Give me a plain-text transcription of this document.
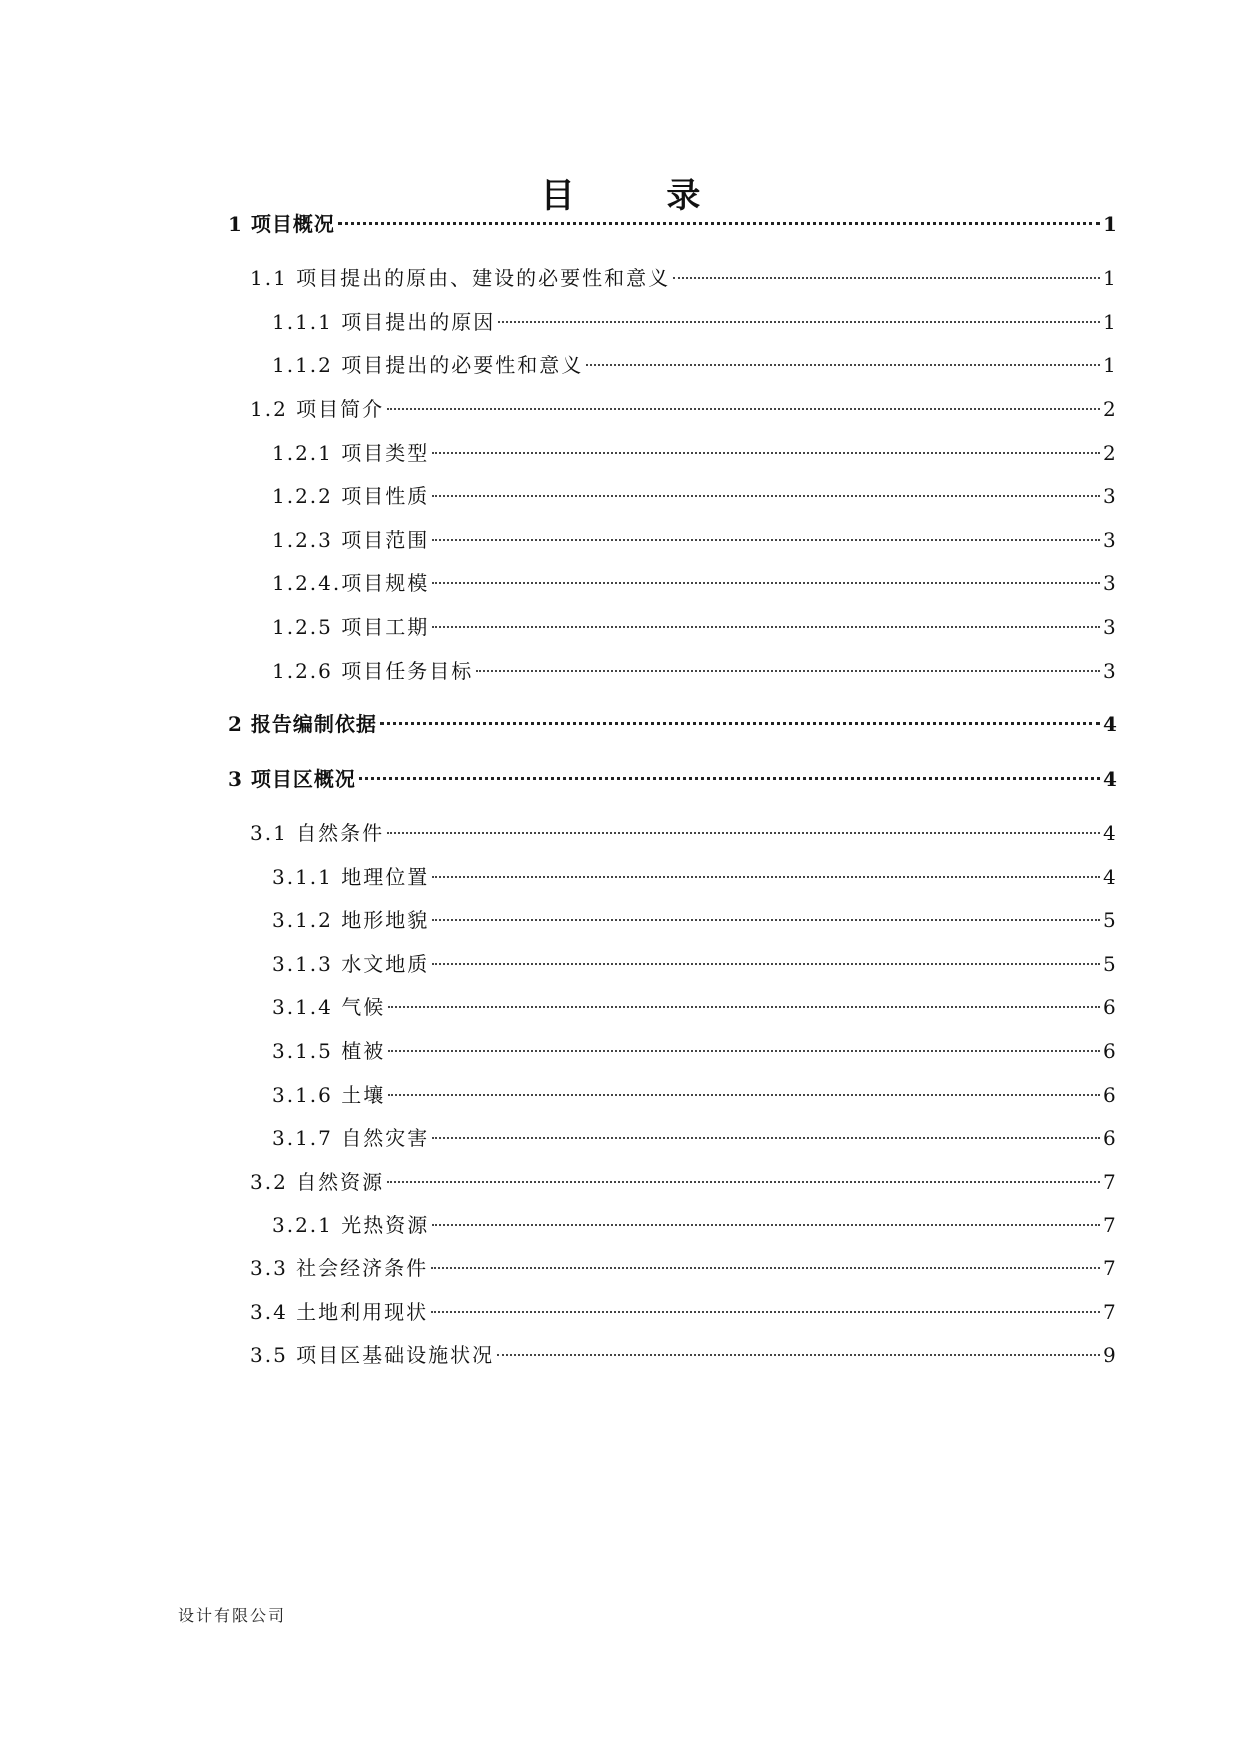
目 录
1 项目概况	1
1.1 项目提出的原由、建设的必要性和意义	1
1.1.1 项目提出的原因	1
1.1.2 项目提出的必要性和意义	1
1.2 项目简介	2
1.2.1 项目类型	2
1.2.2 项目性质	3
1.2.3 项目范围	3
1.2.4.项目规模	3
1.2.5 项目工期	3
1.2.6 项目任务目标	3
2 报告编制依据	4
3 项目区概况	4
3.1 自然条件	4
3.1.1 地理位置	4
3.1.2 地形地貌	5
3.1.3 水文地质	5
3.1.4 气候	6
3.1.5 植被	6
3.1.6 土壤	6
3.1.7 自然灾害	6
3.2 自然资源	7
3.2.1 光热资源	7
3.3 社会经济条件	7
3.4 土地利用现状	7
3.5 项目区基础设施状况	9
设计有限公司
